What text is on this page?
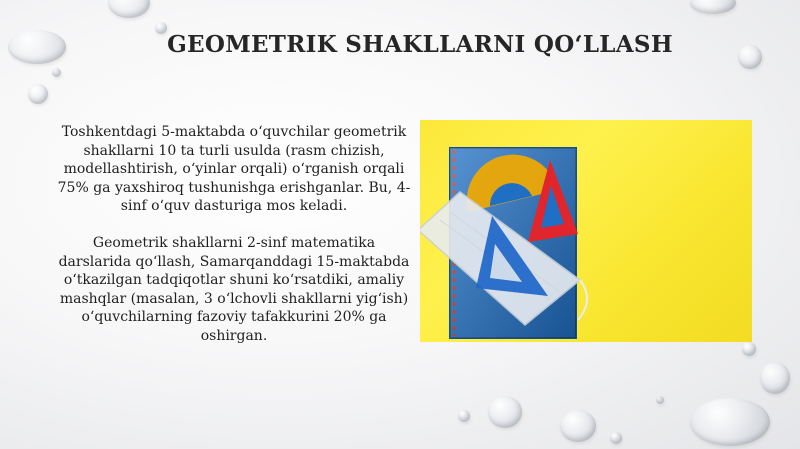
GEOMETRIK SHAKLLARNI QO‘LLASH

Toshkentdagi 5-maktabda o‘quvchilar geometrik shakllarni 10 ta turli usulda (rasm chizish, modellashtirish, o‘yinlar orqali) o‘rganish orqali 75% ga yaxshiroq tushunishga erishganlar. Bu, 4-sinf o‘quv dasturiga mos keladi.

Geometrik shakllarni 2-sinf matematika darslarida qo‘llash, Samarqanddagi 15-maktabda o‘tkazilgan tadqiqotlar shuni ko‘rsatdiki, amaliy mashqlar (masalan, 3 o‘lchovli shakllarni yig‘ish) o‘quvchilarning fazoviy tafakkurini 20% ga oshirgan.
